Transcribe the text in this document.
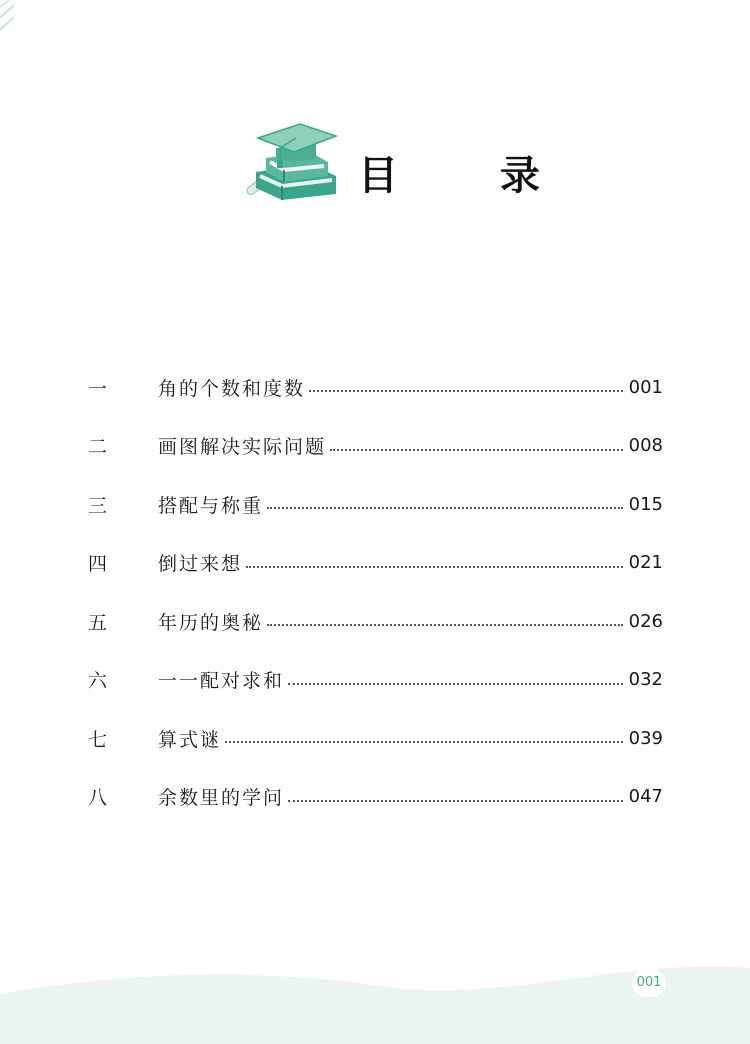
目 录
一	角的个数和度数	001
二	画图解决实际问题	008
三	搭配与称重	015
四	倒过来想	021
五	年历的奥秘	026
六	一一配对求和	032
七	算式谜	039
八	余数里的学问	047
001
